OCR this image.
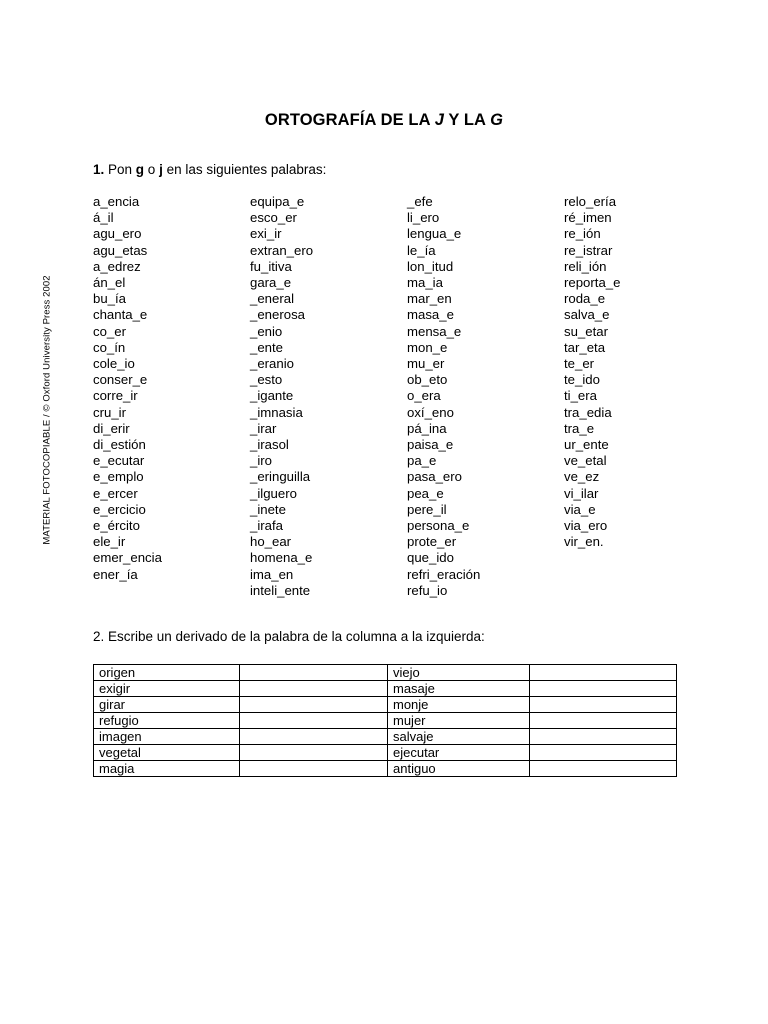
ORTOGRAFÍA DE LA J Y LA G
MATERIAL FOTOCOPIABLE / © Oxford University Press 2002
1. Pon g o j en las siguientes palabras:
a_encia
á_il
agu_ero
agu_etas
a_edrez
án_el
bu_ía
chanta_e
co_er
co_ín
cole_io
conser_e
corre_ir
cru_ir
di_erir
di_estión
e_ecutar
e_emplo
e_ercer
e_ercicio
e_ército
ele_ir
emer_encia
ener_ía
equipa_e
esco_er
exi_ir
extran_ero
fu_itiva
gara_e
_eneral
_enerosa
_enio
_ente
_eranio
_esto
_igante
_imnasia
_irar
_irasol
_iro
_eringuilla
_ilguero
_inete
_irafa
ho_ear
homena_e
ima_en
inteli_ente
_efe
li_ero
lengua_e
le_ía
lon_itud
ma_ia
mar_en
masa_e
mensa_e
mon_e
mu_er
ob_eto
o_era
oxí_eno
pá_ina
paisa_e
pa_e
pasa_ero
pea_e
pere_il
persona_e
prote_er
que_ido
refri_eración
refu_io
relo_ería
ré_imen
re_ión
re_istrar
reli_ión
reporta_e
roda_e
salva_e
su_etar
tar_eta
te_er
te_ido
ti_era
tra_edia
tra_e
ur_ente
ve_etal
ve_ez
vi_ilar
via_e
via_ero
vir_en.
2. Escribe un derivado de la palabra de la columna a la izquierda:
origen		viejo	
exigir		masaje	
girar		monje	
refugio		mujer	
imagen		salvaje	
vegetal		ejecutar	
magia		antiguo	
